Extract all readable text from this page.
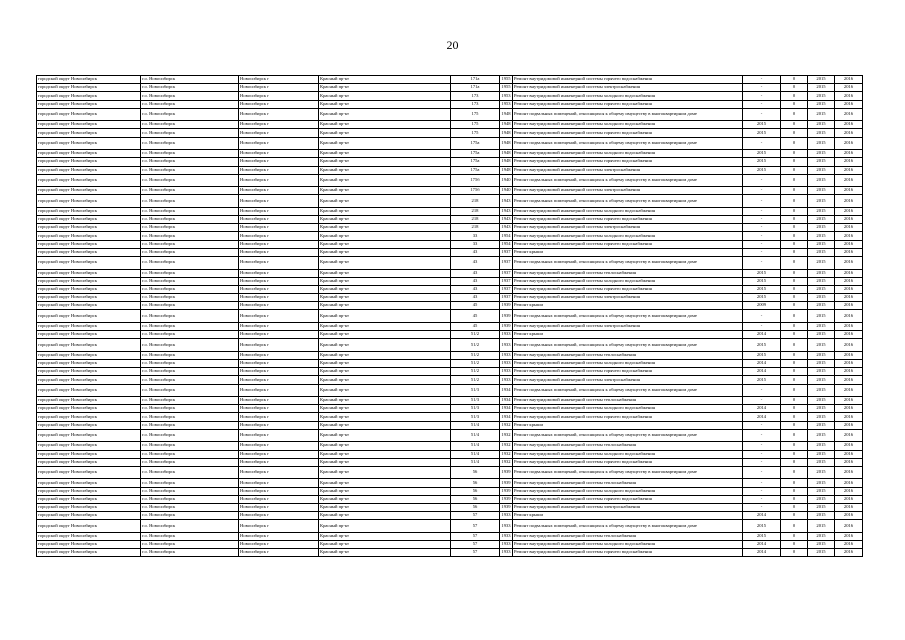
20
городской округ Новосибирск	г.о. Новосибирск	Новосибирск г	Красный пр-кт	171а	1955	Ремонт внутридомовой инженерной системы горячего водоснабжения	-	0	2015	2016
городской округ Новосибирск	г.о. Новосибирск	Новосибирск г	Красный пр-кт	171а	1955	Ремонт внутридомовой инженерной системы электроснабжения	-	0	2015	2016
городской округ Новосибирск	г.о. Новосибирск	Новосибирск г	Красный пр-кт	173	1953	Ремонт внутридомовой инженерной системы холодного водоснабжения	-	0	2015	2016
городской округ Новосибирск	г.о. Новосибирск	Новосибирск г	Красный пр-кт	173	1953	Ремонт внутридомовой инженерной системы горячего водоснабжения	-	0	2015	2016
городской округ Новосибирск	г.о. Новосибирск	Новосибирск г	Красный пр-кт	175	1948	Ремонт подвальных помещений, относящихся к общему имуществу в многоквартирном доме	-	0	2015	2016
городской округ Новосибирск	г.о. Новосибирск	Новосибирск г	Красный пр-кт	175	1948	Ремонт внутридомовой инженерной системы холодного водоснабжения	2015	0	2015	2016
городской округ Новосибирск	г.о. Новосибирск	Новосибирск г	Красный пр-кт	175	1948	Ремонт внутридомовой инженерной системы горячего водоснабжения	2015	0	2015	2016
городской округ Новосибирск	г.о. Новосибирск	Новосибирск г	Красный пр-кт	175а	1948	Ремонт подвальных помещений, относящихся к общему имуществу в многоквартирном доме	-	0	2015	2016
городской округ Новосибирск	г.о. Новосибирск	Новосибирск г	Красный пр-кт	175а	1948	Ремонт внутридомовой инженерной системы холодного водоснабжения	2015	0	2015	2016
городской округ Новосибирск	г.о. Новосибирск	Новосибирск г	Красный пр-кт	175а	1948	Ремонт внутридомовой инженерной системы горячего водоснабжения	2015	0	2015	2016
городской округ Новосибирск	г.о. Новосибирск	Новосибирск г	Красный пр-кт	175а	1948	Ремонт внутридомовой инженерной системы электроснабжения	2015	0	2015	2016
городской округ Новосибирск	г.о. Новосибирск	Новосибирск г	Красный пр-кт	175б	1940	Ремонт подвальных помещений, относящихся к общему имуществу в многоквартирном доме	-	0	2015	2016
городской округ Новосибирск	г.о. Новосибирск	Новосибирск г	Красный пр-кт	175б	1940	Ремонт внутридомовой инженерной системы электроснабжения	-	0	2015	2016
городской округ Новосибирск	г.о. Новосибирск	Новосибирск г	Красный пр-кт	218	1943	Ремонт подвальных помещений, относящихся к общему имуществу в многоквартирном доме	-	0	2015	2016
городской округ Новосибирск	г.о. Новосибирск	Новосибирск г	Красный пр-кт	218	1943	Ремонт внутридомовой инженерной системы холодного водоснабжения	-	0	2015	2016
городской округ Новосибирск	г.о. Новосибирск	Новосибирск г	Красный пр-кт	218	1943	Ремонт внутридомовой инженерной системы горячего водоснабжения	-	0	2015	2016
городской округ Новосибирск	г.о. Новосибирск	Новосибирск г	Красный пр-кт	218	1943	Ремонт внутридомовой инженерной системы электроснабжения	-	0	2015	2016
городской округ Новосибирск	г.о. Новосибирск	Новосибирск г	Красный пр-кт	33	1954	Ремонт внутридомовой инженерной системы холодного водоснабжения	-	0	2015	2016
городской округ Новосибирск	г.о. Новосибирск	Новосибирск г	Красный пр-кт	33	1954	Ремонт внутридомовой инженерной системы горячего водоснабжения	-	0	2015	2016
городской округ Новосибирск	г.о. Новосибирск	Новосибирск г	Красный пр-кт	43	1937	Ремонт крыши	-	0	2015	2016
городской округ Новосибирск	г.о. Новосибирск	Новосибирск г	Красный пр-кт	43	1937	Ремонт подвальных помещений, относящихся к общему имуществу в многоквартирном доме	-	0	2015	2016
городской округ Новосибирск	г.о. Новосибирск	Новосибирск г	Красный пр-кт	43	1937	Ремонт внутридомовой инженерной системы теплоснабжения	2015	0	2015	2016
городской округ Новосибирск	г.о. Новосибирск	Новосибирск г	Красный пр-кт	43	1937	Ремонт внутридомовой инженерной системы холодного водоснабжения	2015	0	2015	2016
городской округ Новосибирск	г.о. Новосибирск	Новосибирск г	Красный пр-кт	43	1937	Ремонт внутридомовой инженерной системы горячего водоснабжения	2015	0	2015	2016
городской округ Новосибирск	г.о. Новосибирск	Новосибирск г	Красный пр-кт	43	1937	Ремонт внутридомовой инженерной системы электроснабжения	2015	0	2015	2016
городской округ Новосибирск	г.о. Новосибирск	Новосибирск г	Красный пр-кт	45	1939	Ремонт крыши	2009	0	2015	2016
городской округ Новосибирск	г.о. Новосибирск	Новосибирск г	Красный пр-кт	45	1939	Ремонт подвальных помещений, относящихся к общему имуществу в многоквартирном доме	-	0	2015	2016
городской округ Новосибирск	г.о. Новосибирск	Новосибирск г	Красный пр-кт	45	1939	Ремонт внутридомовой инженерной системы электроснабжения	-	0	2015	2016
городской округ Новосибирск	г.о. Новосибирск	Новосибирск г	Красный пр-кт	51/2	1933	Ремонт крыши	2014	0	2015	2016
городской округ Новосибирск	г.о. Новосибирск	Новосибирск г	Красный пр-кт	51/2	1933	Ремонт подвальных помещений, относящихся к общему имуществу в многоквартирном доме	2015	0	2015	2016
городской округ Новосибирск	г.о. Новосибирск	Новосибирск г	Красный пр-кт	51/2	1933	Ремонт внутридомовой инженерной системы теплоснабжения	2015	0	2015	2016
городской округ Новосибирск	г.о. Новосибирск	Новосибирск г	Красный пр-кт	51/2	1933	Ремонт внутридомовой инженерной системы холодного водоснабжения	2014	0	2015	2016
городской округ Новосибирск	г.о. Новосибирск	Новосибирск г	Красный пр-кт	51/2	1933	Ремонт внутридомовой инженерной системы горячего водоснабжения	2014	0	2015	2016
городской округ Новосибирск	г.о. Новосибирск	Новосибирск г	Красный пр-кт	51/2	1933	Ремонт внутридомовой инженерной системы электроснабжения	2015	0	2015	2016
городской округ Новосибирск	г.о. Новосибирск	Новосибирск г	Красный пр-кт	51/3	1934	Ремонт подвальных помещений, относящихся к общему имуществу в многоквартирном доме	-	0	2015	2016
городской округ Новосибирск	г.о. Новосибирск	Новосибирск г	Красный пр-кт	51/3	1934	Ремонт внутридомовой инженерной системы теплоснабжения	-	0	2015	2016
городской округ Новосибирск	г.о. Новосибирск	Новосибирск г	Красный пр-кт	51/3	1934	Ремонт внутридомовой инженерной системы холодного водоснабжения	2014	0	2015	2016
городской округ Новосибирск	г.о. Новосибирск	Новосибирск г	Красный пр-кт	51/3	1934	Ремонт внутридомовой инженерной системы горячего водоснабжения	2014	0	2015	2016
городской округ Новосибирск	г.о. Новосибирск	Новосибирск г	Красный пр-кт	51/4	1932	Ремонт крыши	-	0	2015	2016
городской округ Новосибирск	г.о. Новосибирск	Новосибирск г	Красный пр-кт	51/4	1932	Ремонт подвальных помещений, относящихся к общему имуществу в многоквартирном доме	-	0	2015	2016
городской округ Новосибирск	г.о. Новосибирск	Новосибирск г	Красный пр-кт	51/4	1932	Ремонт внутридомовой инженерной системы теплоснабжения	-	0	2015	2016
городской округ Новосибирск	г.о. Новосибирск	Новосибирск г	Красный пр-кт	51/4	1932	Ремонт внутридомовой инженерной системы холодного водоснабжения	-	0	2015	2016
городской округ Новосибирск	г.о. Новосибирск	Новосибирск г	Красный пр-кт	51/4	1932	Ремонт внутридомовой инженерной системы горячего водоснабжения	-	0	2015	2016
городской округ Новосибирск	г.о. Новосибирск	Новосибирск г	Красный пр-кт	56	1939	Ремонт подвальных помещений, относящихся к общему имуществу в многоквартирном доме	-	0	2015	2016
городской округ Новосибирск	г.о. Новосибирск	Новосибирск г	Красный пр-кт	56	1939	Ремонт внутридомовой инженерной системы теплоснабжения	-	0	2015	2016
городской округ Новосибирск	г.о. Новосибирск	Новосибирск г	Красный пр-кт	56	1939	Ремонт внутридомовой инженерной системы холодного водоснабжения	-	0	2015	2016
городской округ Новосибирск	г.о. Новосибирск	Новосибирск г	Красный пр-кт	56	1939	Ремонт внутридомовой инженерной системы горячего водоснабжения	-	0	2015	2016
городской округ Новосибирск	г.о. Новосибирск	Новосибирск г	Красный пр-кт	56	1939	Ремонт внутридомовой инженерной системы электроснабжения	-	0	2015	2016
городской округ Новосибирск	г.о. Новосибирск	Новосибирск г	Красный пр-кт	57	1933	Ремонт крыши	2014	0	2015	2016
городской округ Новосибирск	г.о. Новосибирск	Новосибирск г	Красный пр-кт	57	1933	Ремонт подвальных помещений, относящихся к общему имуществу в многоквартирном доме	2015	0	2015	2016
городской округ Новосибирск	г.о. Новосибирск	Новосибирск г	Красный пр-кт	57	1933	Ремонт внутридомовой инженерной системы теплоснабжения	2015	0	2015	2016
городской округ Новосибирск	г.о. Новосибирск	Новосибирск г	Красный пр-кт	57	1933	Ремонт внутридомовой инженерной системы холодного водоснабжения	2014	0	2015	2016
городской округ Новосибирск	г.о. Новосибирск	Новосибирск г	Красный пр-кт	57	1933	Ремонт внутридомовой инженерной системы горячего водоснабжения	2014	0	2015	2016
